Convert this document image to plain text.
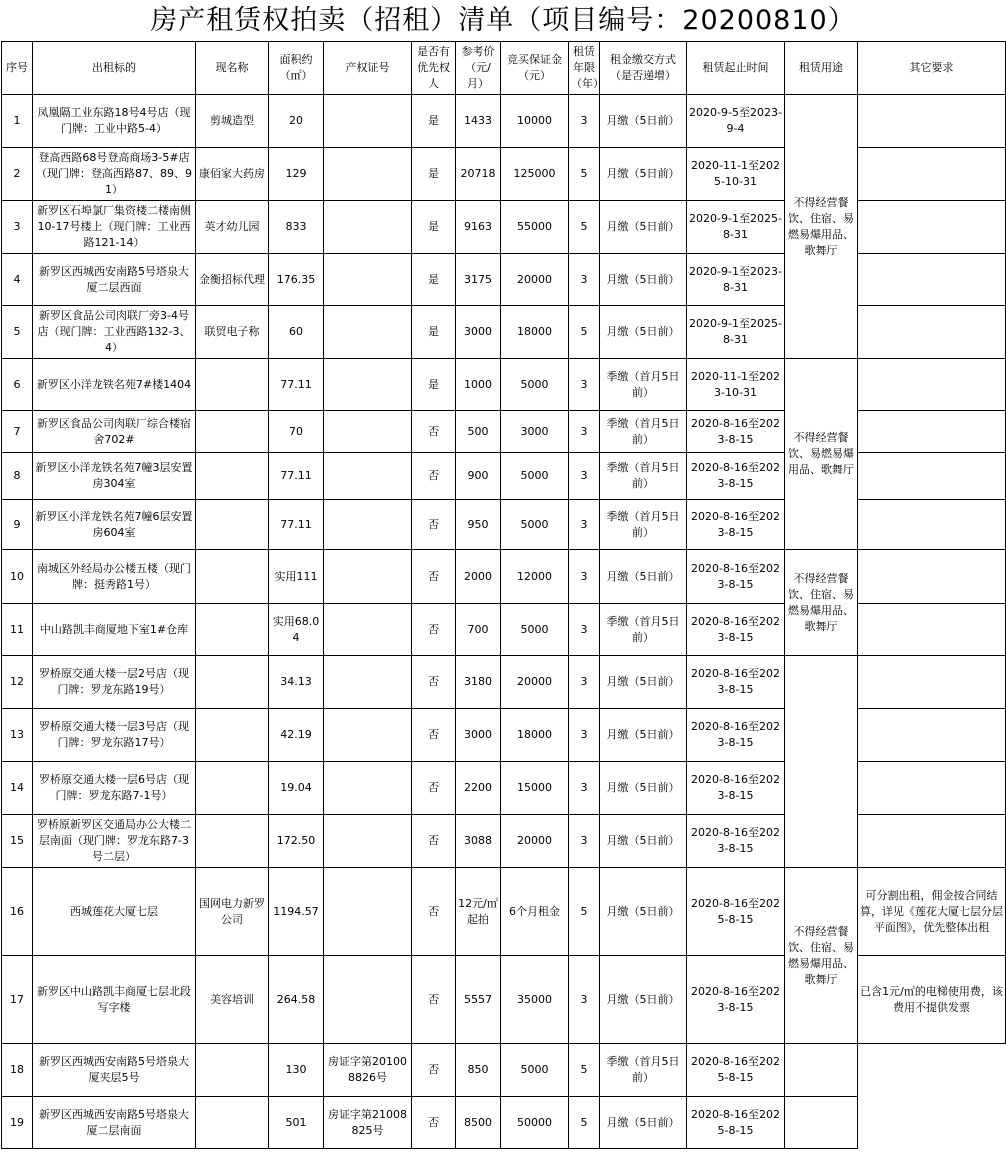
房产租赁权拍卖（招租）清单（项目编号：20200810）
序号	出租标的	现名称	面积约（㎡）	产权证号	是否有优先权人	参考价（元/月）	竞买保证金（元）	租赁年限（年）	租金缴交方式（是否递增）	租赁起止时间	租赁用途	其它要求
1	凤凰隔工业东路18号4号店（现门牌：工业中路5-4）	剪城造型	20		是	1433	10000	3	月缴（5日前）	2020-9-5至2023-9-4	不得经营餐饮、住宿、易燃易爆用品、歌舞厅	
2	登高西路68号登高商场3-5#店（现门牌：登高西路87、89、91）	康佰家大药房	129		是	20718	125000	5	月缴（5日前）	2020-11-1至2025-10-31		
3	新罗区石埠氯厂集资楼二楼南侧10-17号楼上（现门牌：工业西路121-14）	英才幼儿园	833		是	9163	55000	5	月缴（5日前）	2020-9-1至2025-8-31		
4	新罗区西城西安南路5号塔泉大厦二层西面	金衡招标代理	176.35		是	3175	20000	3	月缴（5日前）	2020-9-1至2023-8-31		
5	新罗区食品公司肉联厂旁3-4号店（现门牌：工业西路132-3、4）	联贸电子称	60		是	3000	18000	5	月缴（5日前）	2020-9-1至2025-8-31		
6	新罗区小洋龙铁名苑7#楼1404		77.11		是	1000	5000	3	季缴（首月5日前）	2020-11-1至2023-10-31	不得经营餐饮、易燃易爆用品、歌舞厅	
7	新罗区食品公司肉联厂综合楼宿舍702#		70		否	500	3000	3	季缴（首月5日前）	2020-8-16至2023-8-15		
8	新罗区小洋龙铁名苑7幢3层安置房304室		77.11		否	900	5000	3	季缴（首月5日前）	2020-8-16至2023-8-15		
9	新罗区小洋龙铁名苑7幢6层安置房604室		77.11		否	950	5000	3	季缴（首月5日前）	2020-8-16至2023-8-15		
10	南城区外经局办公楼五楼（现门牌：挺秀路1号）		实用111		否	2000	12000	3	月缴（5日前）	2020-8-16至2023-8-15	不得经营餐饮、住宿、易燃易爆用品、歌舞厅	
11	中山路凯丰商厦地下室1#仓库		实用68.04		否	700	5000	3	季缴（首月5日前）	2020-8-16至2023-8-15		
12	罗桥原交通大楼一层2号店（现门牌：罗龙东路19号）		34.13		否	3180	20000	3	月缴（5日前）	2020-8-16至2023-8-15		
13	罗桥原交通大楼一层3号店（现门牌：罗龙东路17号）		42.19		否	3000	18000	3	月缴（5日前）	2020-8-16至2023-8-15		
14	罗桥原交通大楼一层6号店（现门牌：罗龙东路7-1号）		19.04		否	2200	15000	3	月缴（5日前）	2020-8-16至2023-8-15		
15	罗桥原新罗区交通局办公大楼二层南面（现门牌：罗龙东路7-3号二层）		172.50		否	3088	20000	3	月缴（5日前）	2020-8-16至2023-8-15		
16	西城莲花大厦七层	国网电力新罗公司	1194.57		否	12元/㎡起拍	6个月租金	5	月缴（5日前）	2020-8-16至2025-8-15	不得经营餐饮、住宿、易燃易爆用品、歌舞厅	可分割出租，佣金按合同结算，详见《莲花大厦七层分层平面图》，优先整体出租
17	新罗区中山路凯丰商厦七层北段写字楼	美容培训	264.58		否	5557	35000	3	月缴（5日前）	2020-8-16至2023-8-15		已含1元/㎡的电梯使用费，该费用不提供发票
18	新罗区西城西安南路5号塔泉大厦夹层5号		130	房证字第201008826号	否	850	5000	5	季缴（首月5日前）	2020-8-16至2025-8-15		
19	新罗区西城西安南路5号塔泉大厦二层南面		501	房证字第21008825号	否	8500	50000	5	月缴（5日前）	2020-8-16至2025-8-15		
